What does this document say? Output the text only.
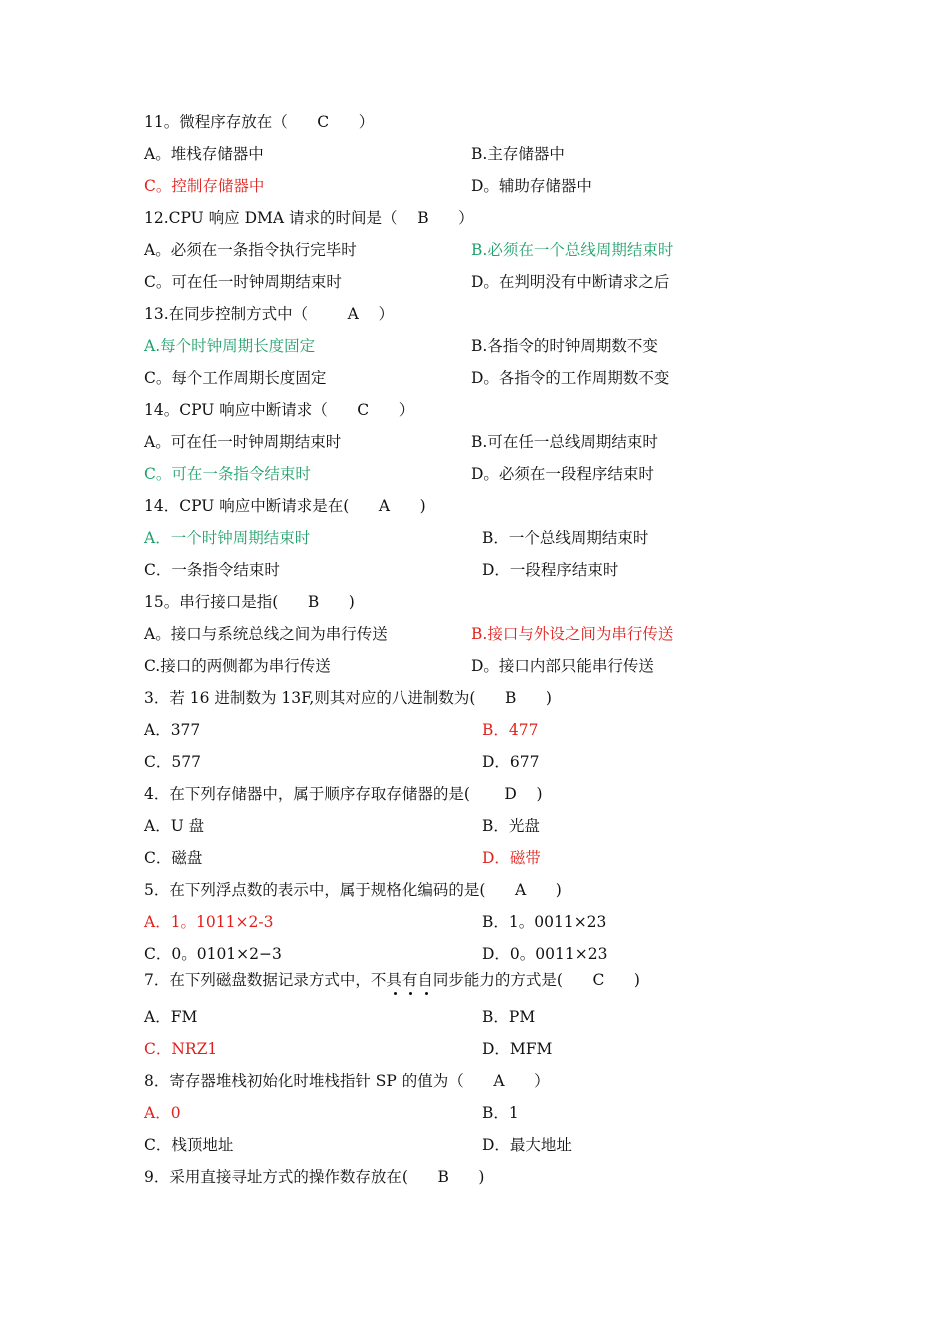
11。微程序存放在（      C      ）
A。堆栈存储器中	B.主存储器中
C。控制存储器中	D。辅助存储器中
12.CPU 响应 DMA 请求的时间是（    B      ）
A。必须在一条指令执行完毕时	B.必须在一个总线周期结束时
C。可在任一时钟周期结束时	D。在判明没有中断请求之后
13.在同步控制方式中（        A    ）
A.每个时钟周期长度固定	B.各指令的时钟周期数不变
C。每个工作周期长度固定	D。各指令的工作周期数不变
14。CPU 响应中断请求（      C      ）
A。可在任一时钟周期结束时	B.可在任一总线周期结束时
C。可在一条指令结束时	D。必须在一段程序结束时
14．CPU 响应中断请求是在(      A      )
A．一个时钟周期结束时	B．一个总线周期结束时
C．一条指令结束时	D．一段程序结束时
15。串行接口是指(      B      )
A。接口与系统总线之间为串行传送	B.接口与外设之间为串行传送
C.接口的两侧都为串行传送	D。接口内部只能串行传送
3．若 16 进制数为 13F,则其对应的八进制数为(      B      )
A．377	B．477
C．577	D．677
4．在下列存储器中，属于顺序存取存储器的是(       D    )
A．U 盘	B．光盘
C．磁盘	D．磁带
5．在下列浮点数的表示中，属于规格化编码的是(      A      )
A．1。1011×2-3	B．1。0011×23
C．0。0101×2−3	D．0。0011×23
7．在下列磁盘数据记录方式中，不具有自同步能力的方式是(      C      )
A．FM	B．PM
C．NRZ1	D．MFM
8．寄存器堆栈初始化时堆栈指针 SP 的值为（      A      ）
A．0	B．1
C．栈顶地址	D．最大地址
9．采用直接寻址方式的操作数存放在(      B      )
